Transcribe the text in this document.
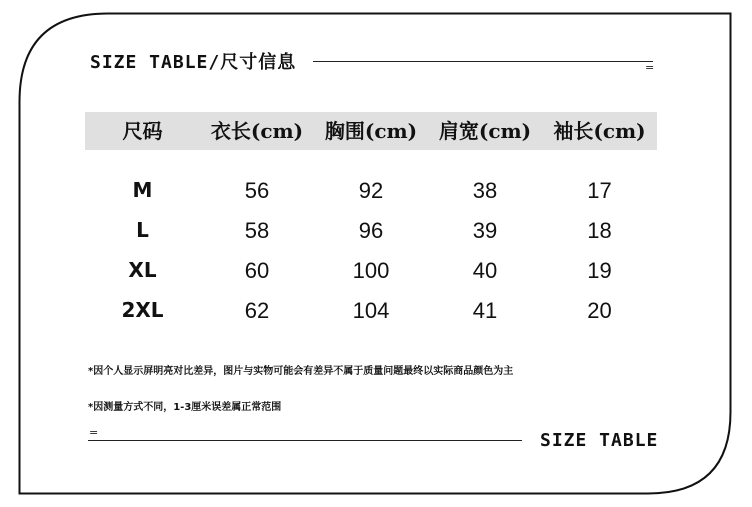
SIZE TABLE/尺寸信息	=
尺码	衣长(cm)	胸围(cm)	肩宽(cm)	袖长(cm)
M	56	92	38	17
L	58	96	39	18
XL	60	100	40	19
2XL	62	104	41	20
*因个人显示屏明亮对比差异，图片与实物可能会有差异不属于质量问题最终以实际商品颜色为主
*因测量方式不同，1-3厘米误差属正常范围
=	SIZE TABLE
